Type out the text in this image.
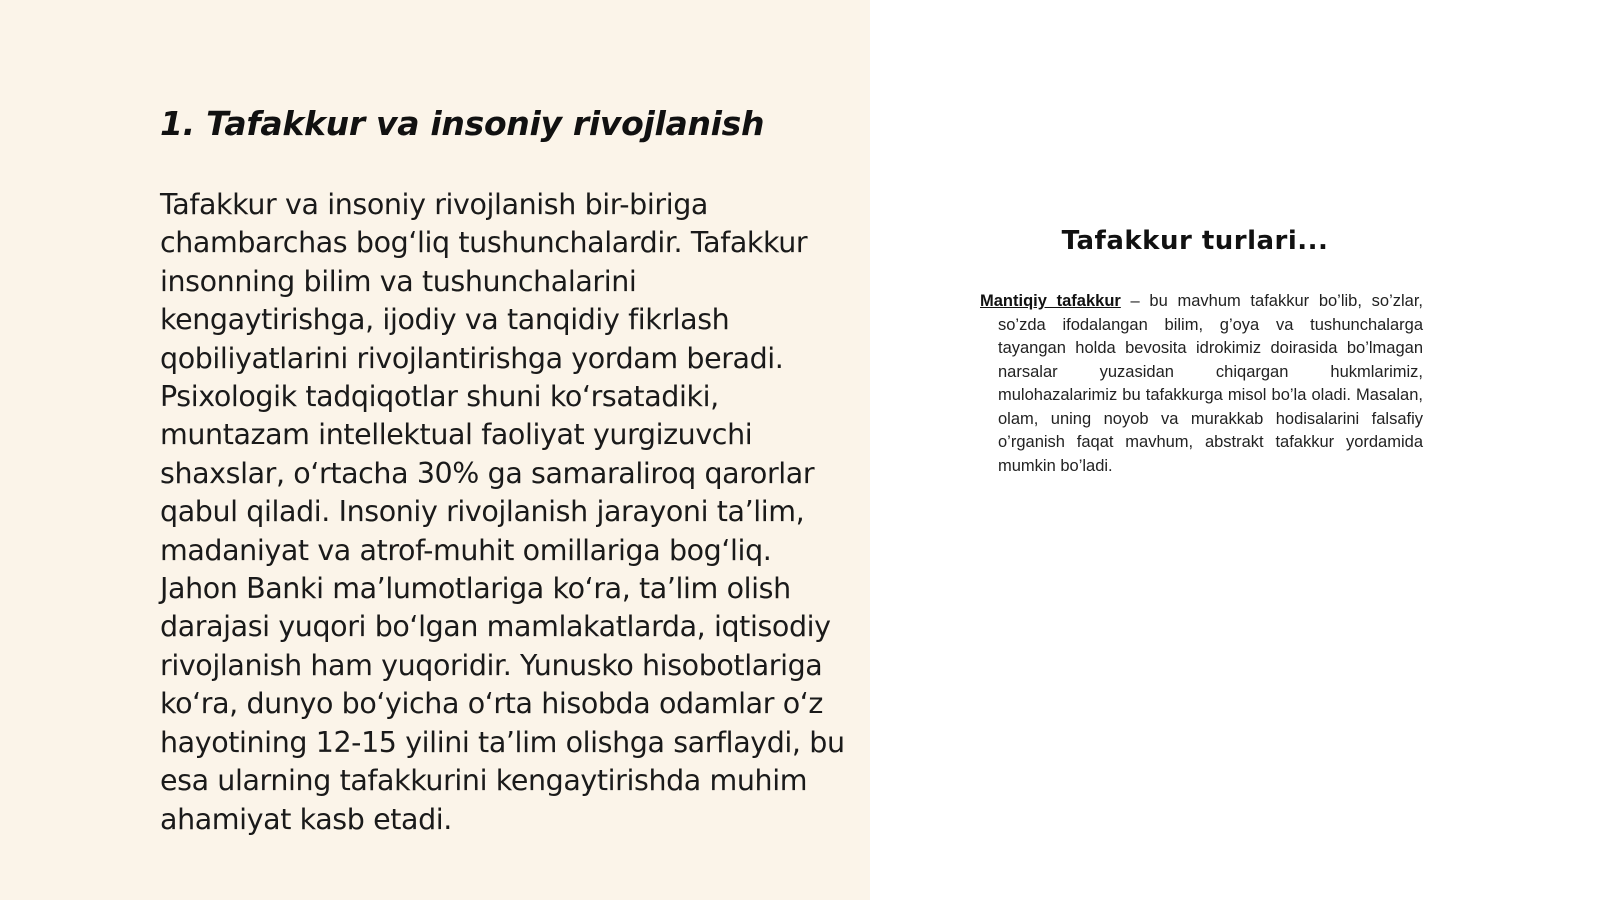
1. Tafakkur va insoniy rivojlanish

Tafakkur va insoniy rivojlanish bir-biriga chambarchas bog‘liq tushunchalardir. Tafakkur insonning bilim va tushunchalarini kengaytirishga, ijodiy va tanqidiy fikrlash qobiliyatlarini rivojlantirishga yordam beradi. Psixologik tadqiqotlar shuni ko‘rsatadiki, muntazam intellektual faoliyat yurgizuvchi shaxslar, o‘rtacha 30% ga samaraliroq qarorlar qabul qiladi. Insoniy rivojlanish jarayoni ta’lim, madaniyat va atrof-muhit omillariga bog‘liq. Jahon Banki ma’lumotlariga ko‘ra, ta’lim olish darajasi yuqori bo‘lgan mamlakatlarda, iqtisodiy rivojlanish ham yuqoridir. Yunusko hisobotlariga ko‘ra, dunyo bo‘yicha o‘rta hisobda odamlar o‘z hayotining 12-15 yilini ta’lim olishga sarflaydi, bu esa ularning tafakkurini kengaytirishda muhim ahamiyat kasb etadi.

Tafakkur turlari...

Mantiqiy tafakkur – bu mavhum tafakkur bo’lib, so’zlar, so’zda ifodalangan bilim, g’oya va tushunchalarga tayangan holda bevosita idrokimiz doirasida bo’lmagan narsalar yuzasidan chiqargan hukmlarimiz, mulohazalarimiz bu tafakkurga misol bo’la oladi. Masalan, olam, uning noyob va murakkab hodisalarini falsafiy o’rganish faqat mavhum, abstrakt tafakkur yordamida mumkin bo’ladi.
